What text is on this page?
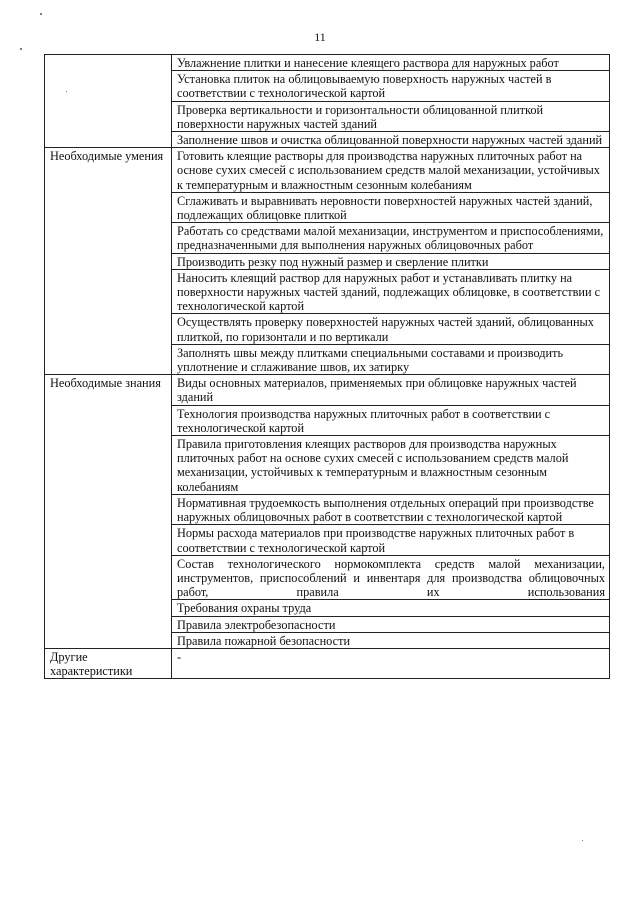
11
	Увлажнение плитки и нанесение клеящего раствора для наружных работ
	Установка плиток на облицовываемую поверхность наружных частей в соответствии с технологической картой
	Проверка вертикальности и горизонтальности облицованной плиткой поверхности наружных частей зданий
	Заполнение швов и очистка облицованной поверхности наружных частей зданий
Необходимые умения	Готовить клеящие растворы для производства наружных плиточных работ на основе сухих смесей с использованием средств малой механизации, устойчивых к температурным и влажностным сезонным колебаниям
	Сглаживать и выравнивать неровности поверхностей наружных частей зданий, подлежащих облицовке плиткой
	Работать со средствами малой механизации, инструментом и приспособлениями, предназначенными для выполнения наружных облицовочных работ
	Производить резку под нужный размер и сверление плитки
	Наносить клеящий раствор для наружных работ и устанавливать плитку на поверхности наружных частей зданий, подлежащих облицовке, в соответствии с технологической картой
	Осуществлять проверку поверхностей наружных частей зданий, облицованных плиткой, по горизонтали и по вертикали
	Заполнять швы между плитками специальными составами и производить уплотнение и сглаживание швов, их затирку
Необходимые знания	Виды основных материалов, применяемых при облицовке наружных частей зданий
	Технология производства наружных плиточных работ в соответствии с технологической картой
	Правила приготовления клеящих растворов для производства наружных плиточных работ на основе сухих смесей с использованием средств малой механизации, устойчивых к температурным и влажностным сезонным колебаниям
	Нормативная трудоемкость выполнения отдельных операций при производстве наружных облицовочных работ в соответствии с технологической картой
	Нормы расхода материалов при производстве наружных плиточных работ в соответствии с технологической картой
	Состав технологического нормокомплекта средств малой механизации, инструментов, приспособлений и инвентаря для производства облицовочных работ, правила их использования
	Требования охраны труда
	Правила электробезопасности
	Правила пожарной безопасности
Другие характеристики	-
